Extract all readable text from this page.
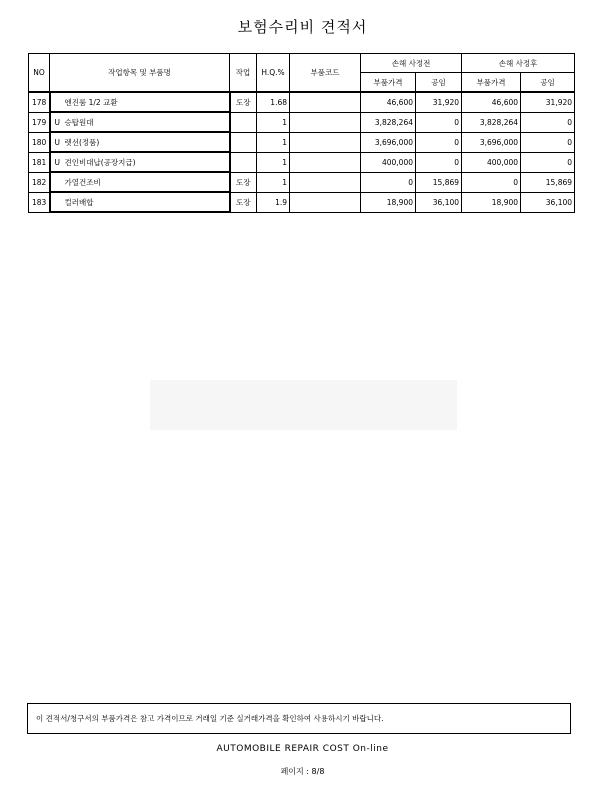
보험수리비 견적서
NO	작업항목 및 부품명	작업	H.Q.%	부품코드	손해 사정전		손해 사정후	
					부품가격	공임	부품가격	공임
178	엔진룸 1/2 교환	도장	1.68		46,600	31,920	46,600	31,920
179	U 승탑원대		1		3,828,264	0	3,828,264	0
180	U 렛선(정품)		1		3,696,000	0	3,696,000	0
181	U 견인비대납(공장지급)		1		400,000	0	400,000	0
182	가열건조비	도장	1		0	15,869	0	15,869
183	컬러배합	도장	1.9		18,900	36,100	18,900	36,100
이 견적서/청구서의 부품가격은 참고 가격이므로 거래일 기준 실거래가격을 확인하여 사용하시기 바랍니다.
AUTOMOBILE REPAIR COST On-line
페이지 : 8/8
